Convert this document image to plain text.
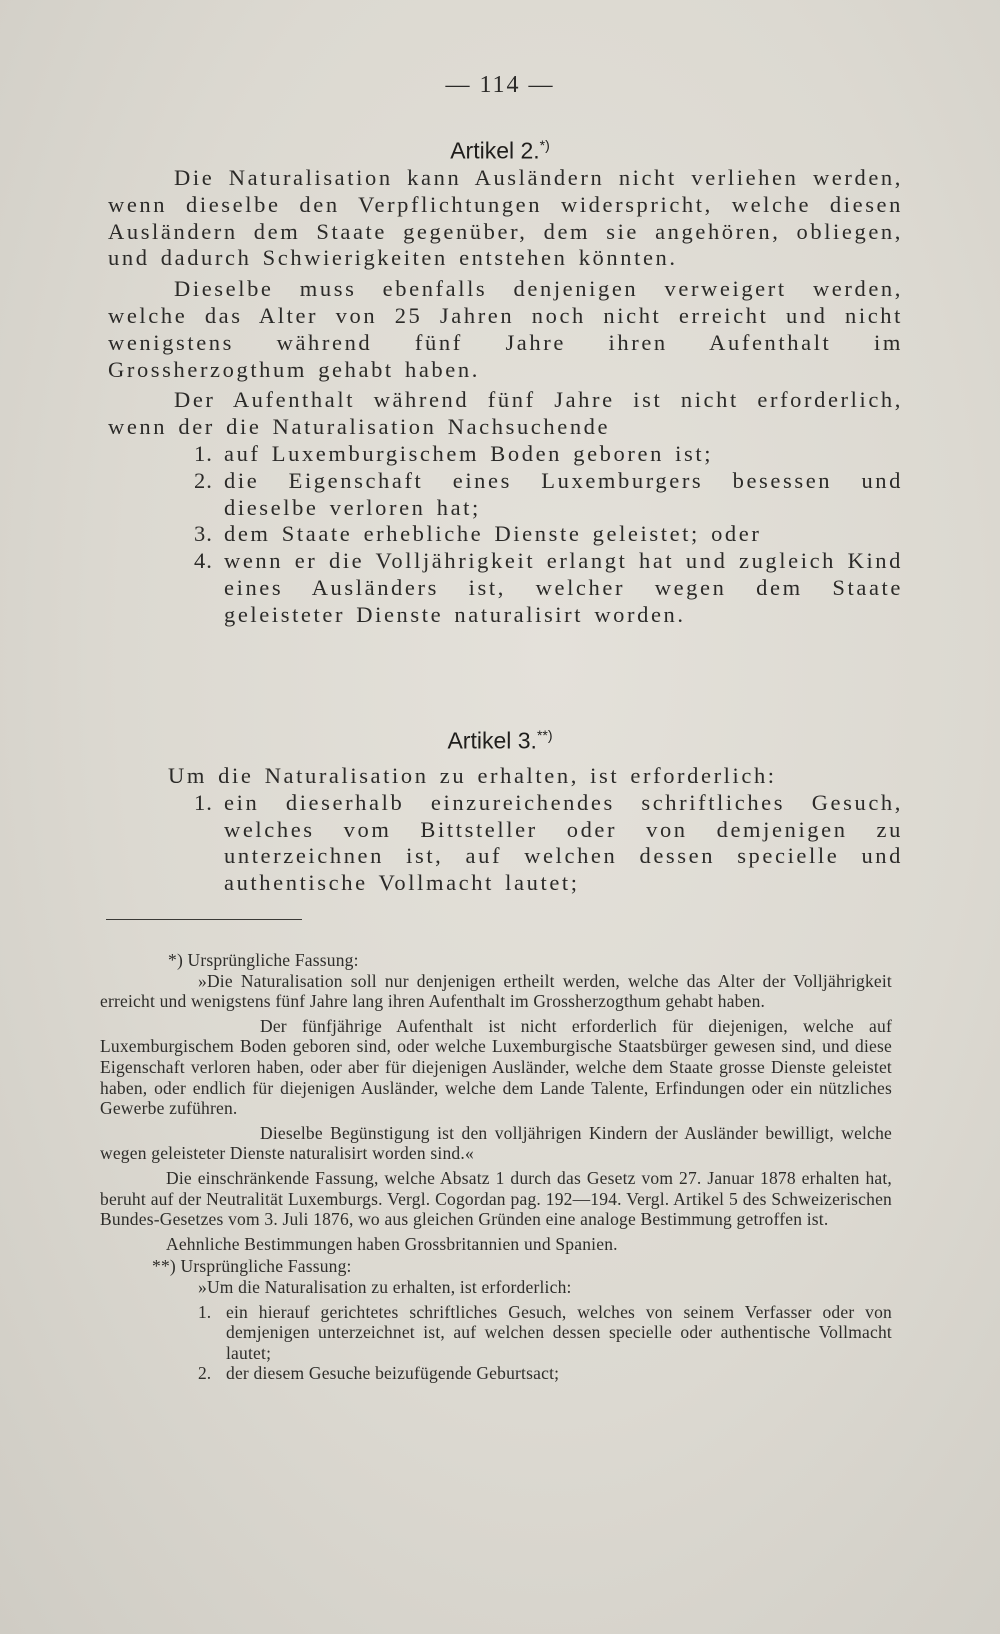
— 114 —
Artikel 2.*)

Die Naturalisation kann Ausländern nicht verliehen werden, wenn dieselbe den Verpflichtungen widerspricht, welche diesen Ausländern dem Staate gegenüber, dem sie angehören, obliegen, und dadurch Schwierigkeiten entstehen könnten.

Dieselbe muss ebenfalls denjenigen verweigert werden, welche das Alter von 25 Jahren noch nicht erreicht und nicht wenigstens während fünf Jahre ihren Aufenthalt im Grossherzogthum gehabt haben.

Der Aufenthalt während fünf Jahre ist nicht erforderlich, wenn der die Naturalisation Nachsuchende

1. auf Luxemburgischem Boden geboren ist;
2. die Eigenschaft eines Luxemburgers besessen und dieselbe verloren hat;
3. dem Staate erhebliche Dienste geleistet; oder
4. wenn er die Volljährigkeit erlangt hat und zugleich Kind eines Ausländers ist, welcher wegen dem Staate geleisteter Dienste naturalisirt worden.
Artikel 3.**)

Um die Naturalisation zu erhalten, ist erforderlich:

1. ein dieserhalb einzureichendes schriftliches Gesuch, welches vom Bittsteller oder von demjenigen zu unterzeichnen ist, auf welchen dessen specielle und authentische Vollmacht lautet;

*) Ursprüngliche Fassung:

»Die Naturalisation soll nur denjenigen ertheilt werden, welche das Alter der Volljährigkeit erreicht und wenigstens fünf Jahre lang ihren Aufenthalt im Grossherzogthum gehabt haben.

Der fünfjährige Aufenthalt ist nicht erforderlich für diejenigen, welche auf Luxemburgischem Boden geboren sind, oder welche Luxemburgische Staatsbürger gewesen sind, und diese Eigenschaft verloren haben, oder aber für diejenigen Ausländer, welche dem Staate grosse Dienste geleistet haben, oder endlich für diejenigen Ausländer, welche dem Lande Talente, Erfindungen oder ein nützliches Gewerbe zuführen.

Dieselbe Begünstigung ist den volljährigen Kindern der Ausländer bewilligt, welche wegen geleisteter Dienste naturalisirt worden sind.«

Die einschränkende Fassung, welche Absatz 1 durch das Gesetz vom 27. Januar 1878 erhalten hat, beruht auf der Neutralität Luxemburgs. Vergl. Cogordan pag. 192—194. Vergl. Artikel 5 des Schweizerischen Bundes-Gesetzes vom 3. Juli 1876, wo aus gleichen Gründen eine analoge Bestimmung getroffen ist.

Aehnliche Bestimmungen haben Grossbritannien und Spanien.

**) Ursprüngliche Fassung:

»Um die Naturalisation zu erhalten, ist erforderlich:

1. ein hierauf gerichtetes schriftliches Gesuch, welches von seinem Verfasser oder von demjenigen unterzeichnet ist, auf welchen dessen specielle oder authentische Vollmacht lautet;
2. der diesem Gesuche beizufügende Geburtsact;
